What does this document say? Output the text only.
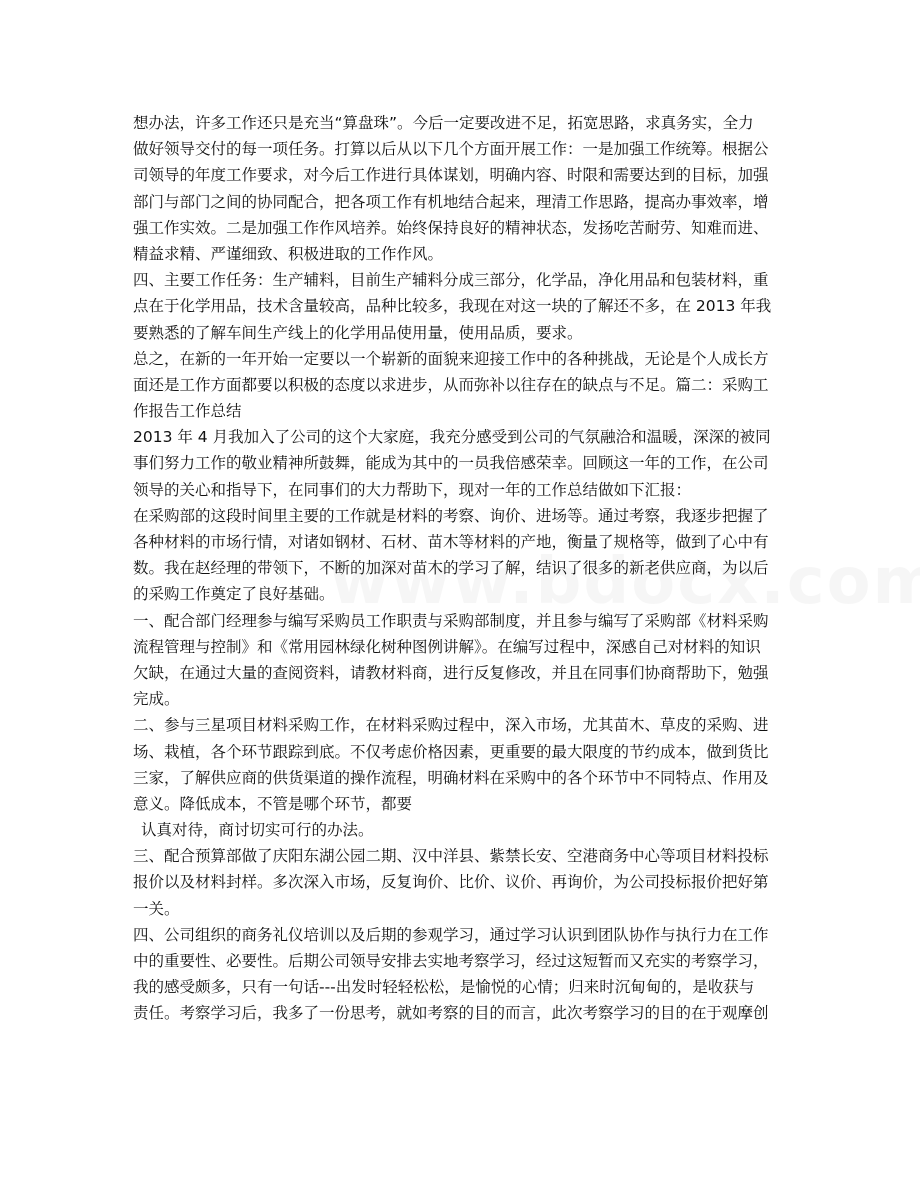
想办法，许多工作还只是充当“算盘珠”。今后一定要改进不足，拓宽思路，求真务实，全力
做好领导交付的每一项任务。打算以后从以下几个方面开展工作：一是加强工作统筹。根据公
司领导的年度工作要求，对今后工作进行具体谋划，明确内容、时限和需要达到的目标，加强
部门与部门之间的协同配合，把各项工作有机地结合起来，理清工作思路，提高办事效率，增
强工作实效。二是加强工作作风培养。始终保持良好的精神状态，发扬吃苦耐劳、知难而进、
精益求精、严谨细致、积极进取的工作作风。
四、主要工作任务：生产辅料，目前生产辅料分成三部分，化学品，净化用品和包装材料，重
点在于化学用品，技术含量较高，品种比较多，我现在对这一块的了解还不多，在 2013 年我
要熟悉的了解车间生产线上的化学用品使用量，使用品质，要求。
总之，在新的一年开始一定要以一个崭新的面貌来迎接工作中的各种挑战，无论是个人成长方
面还是工作方面都要以积极的态度以求进步，从而弥补以往存在的缺点与不足。篇二：采购工
作报告工作总结
2013 年 4 月我加入了公司的这个大家庭，我充分感受到公司的气氛融洽和温暖，深深的被同
事们努力工作的敬业精神所鼓舞，能成为其中的一员我倍感荣幸。回顾这一年的工作，在公司
领导的关心和指导下，在同事们的大力帮助下，现对一年的工作总结做如下汇报：
在采购部的这段时间里主要的工作就是材料的考察、询价、进场等。通过考察，我逐步把握了
各种材料的市场行情，对诸如钢材、石材、苗木等材料的产地，衡量了规格等，做到了心中有
数。我在赵经理的带领下，不断的加深对苗木的学习了解，结识了很多的新老供应商，为以后
的采购工作奠定了良好基础。
一、配合部门经理参与编写采购员工作职责与采购部制度，并且参与编写了采购部《材料采购
流程管理与控制》和《常用园林绿化树种图例讲解》。在编写过程中，深感自己对材料的知识
欠缺，在通过大量的查阅资料，请教材料商，进行反复修改，并且在同事们协商帮助下，勉强
完成。
二、参与三星项目材料采购工作，在材料采购过程中，深入市场，尤其苗木、草皮的采购、进
场、栽植，各个环节跟踪到底。不仅考虑价格因素，更重要的最大限度的节约成本，做到货比
三家，了解供应商的供货渠道的操作流程，明确材料在采购中的各个环节中不同特点、作用及
意义。降低成本，不管是哪个环节，都要
认真对待，商讨切实可行的办法。
三、配合预算部做了庆阳东湖公园二期、汉中洋县、紫禁长安、空港商务中心等项目材料投标
报价以及材料封样。多次深入市场，反复询价、比价、议价、再询价，为公司投标报价把好第
一关。
四、公司组织的商务礼仪培训以及后期的参观学习，通过学习认识到团队协作与执行力在工作
中的重要性、必要性。后期公司领导安排去实地考察学习，经过这短暂而又充实的考察学习，
我的感受颇多，只有一句话---出发时轻轻松松，是愉悦的心情；归来时沉甸甸的，是收获与
责任。考察学习后，我多了一份思考，就如考察的目的而言，此次考察学习的目的在于观摩创
